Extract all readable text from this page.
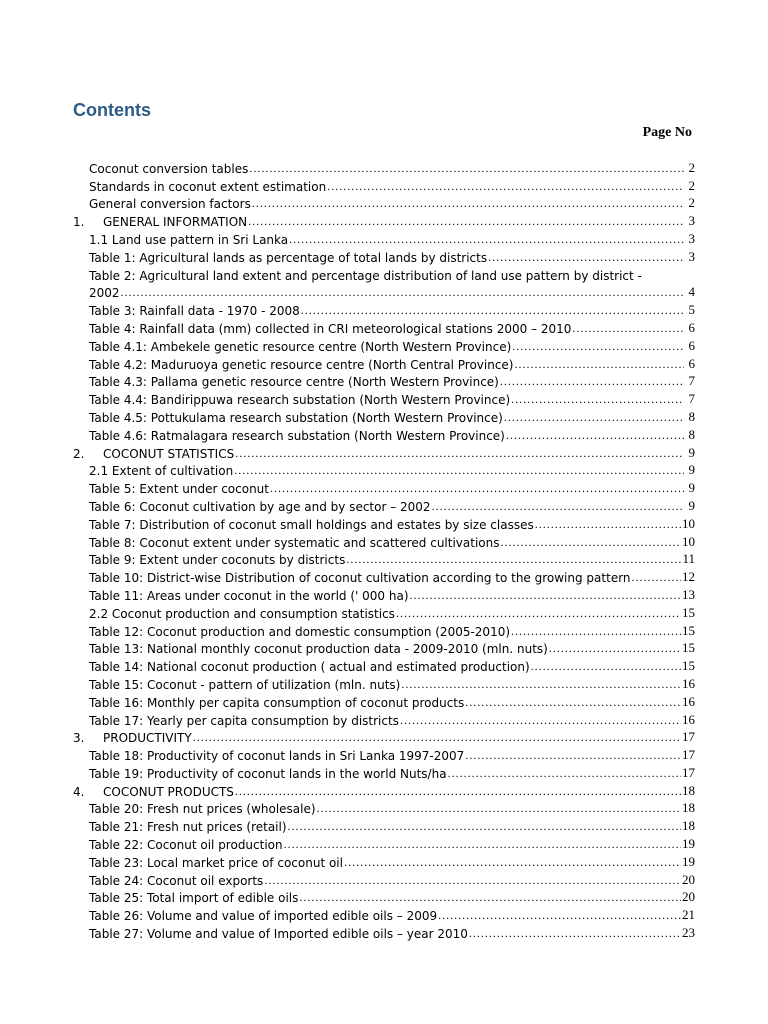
Contents
Page No
Coconut conversion tables .....	2
Standards in coconut extent estimation .....	2
General conversion factors .....	2
1.	GENERAL INFORMATION .....	3
1.1 Land use pattern in Sri Lanka .....	3
Table 1: Agricultural lands as percentage of total lands by districts .....	3
Table 2: Agricultural land extent and percentage distribution of land use pattern by district -
2002 .....	4
Table 3: Rainfall data - 1970 - 2008 .....	5
Table 4: Rainfall data (mm) collected in CRI meteorological stations 2000 – 2010 .....	6
Table 4.1: Ambekele genetic resource centre (North Western Province) .....	6
Table 4.2: Maduruoya genetic resource centre (North Central Province) .....	6
Table 4.3: Pallama genetic resource centre (North Western Province) .....	7
Table 4.4: Bandirippuwa research substation (North Western Province) .....	7
Table 4.5: Pottukulama research substation (North Western Province) .....	8
Table 4.6: Ratmalagara research substation (North Western Province) .....	8
2.	COCONUT STATISTICS .....	9
2.1 Extent of cultivation .....	9
Table 5: Extent under coconut .....	9
Table 6: Coconut cultivation by age and by sector – 2002 .....	9
Table 7: Distribution of coconut small holdings and estates by size classes .....	10
Table 8: Coconut extent under systematic and scattered cultivations .....	10
Table 9: Extent under coconuts by districts .....	11
Table 10: District-wise Distribution of coconut cultivation according to the growing pattern .....	12
Table 11: Areas under coconut in the world (' 000 ha) .....	13
2.2 Coconut production and consumption statistics .....	15
Table 12: Coconut production and domestic consumption (2005-2010) .....	15
Table 13: National monthly coconut production data - 2009-2010 (mln. nuts) .....	15
Table 14: National coconut production ( actual and estimated production) .....	15
Table 15: Coconut - pattern of utilization (mln. nuts) .....	16
Table 16: Monthly per capita consumption of coconut products .....	16
Table 17: Yearly per capita consumption by districts .....	16
3.	PRODUCTIVITY .....	17
Table 18: Productivity of coconut lands in Sri Lanka 1997-2007 .....	17
Table 19: Productivity of coconut lands in the world Nuts/ha .....	17
4.	COCONUT PRODUCTS .....	18
Table 20: Fresh nut prices (wholesale) .....	18
Table 21: Fresh nut prices (retail) .....	18
Table 22: Coconut oil production .....	19
Table 23: Local market price of coconut oil .....	19
Table 24: Coconut oil exports .....	20
Table 25: Total import of edible oils .....	20
Table 26: Volume and value of imported edible oils – 2009 .....	21
Table 27: Volume and value of Imported edible oils – year 2010 .....	23
